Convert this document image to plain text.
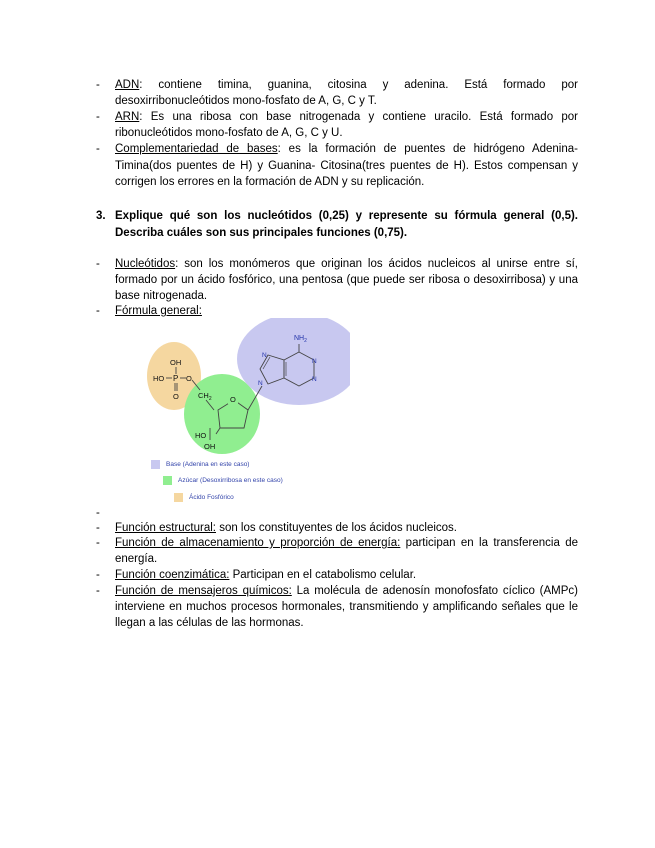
- ADN: contiene timina, guanina, citosina y adenina. Está formado por desoxirribonucleótidos mono-fosfato de A, G, C y T.
- ARN: Es una ribosa con base nitrogenada y contiene uracilo. Está formado por ribonucleótidos mono-fosfato de A, G, C y U.
- Complementariedad de bases: es la formación de puentes de hidrógeno Adenina-Timina(dos puentes de H) y Guanina- Citosina(tres puentes de H). Estos compensan y corrigen los errores en la formación de ADN y su replicación.
3. Explique qué son los nucleótidos (0,25) y represente su fórmula general (0,5). Describa cuáles son sus principales funciones (0,75).
- Nucleótidos: son los monómeros que originan los ácidos nucleicos al unirse entre sí, formado por un ácido fosfórico, una pentosa (que puede ser ribosa o desoxirribosa) y una base nitrogenada.
- Fórmula general:
OH
HO P O
O	$CH_2$ O
HO
OH
$NH_2$
N
N
N
N
Base (Adenina en este caso)
Azúcar (Desoxirribosa en este caso)
Ácido Fosfórico
-
- Función estructural: son los constituyentes de los ácidos nucleicos.
- Función de almacenamiento y proporción de energía: participan en la transferencia de energía.
- Función coenzimática: Participan en el catabolismo celular.
- Función de mensajeros químicos: La molécula de adenosín monofosfato cíclico (AMPc) interviene en muchos procesos hormonales, transmitiendo y amplificando señales que le llegan a las células de las hormonas.
